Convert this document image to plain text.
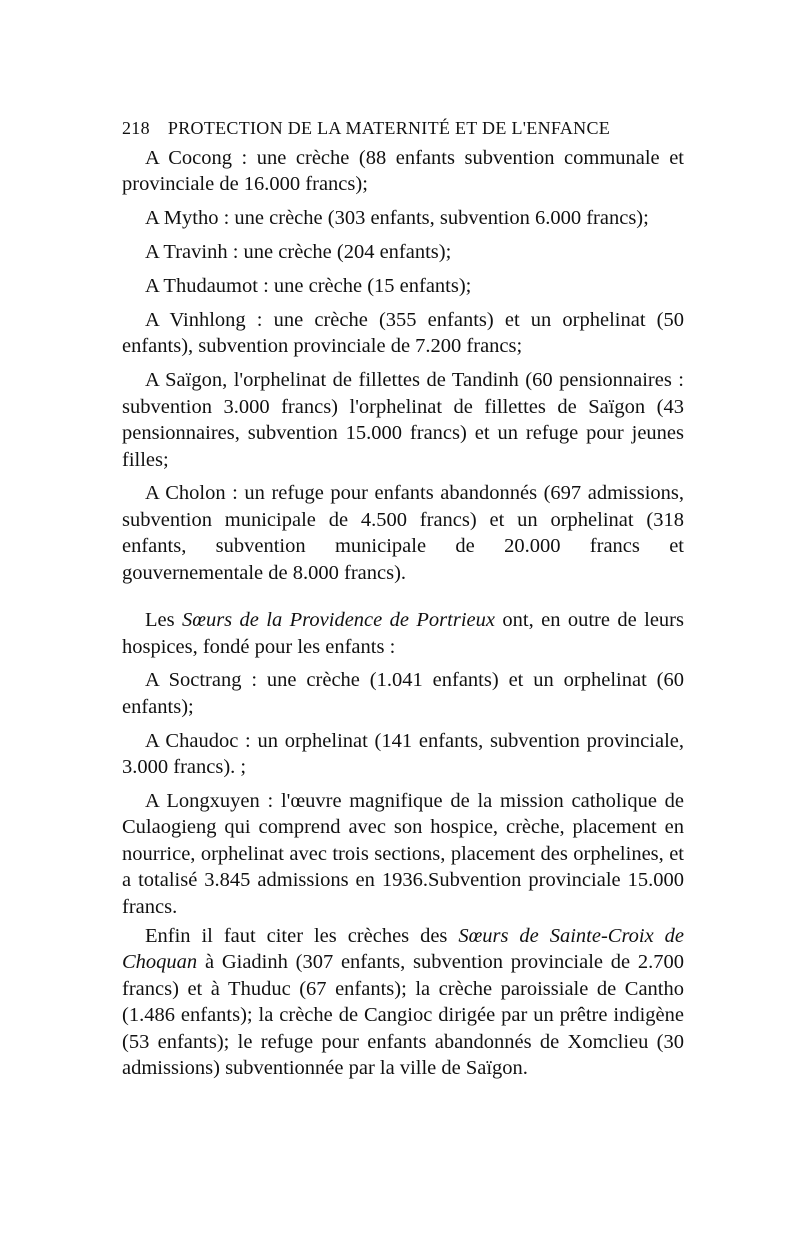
218 PROTECTION DE LA MATERNITÉ ET DE L'ENFANCE

A Cocong : une crèche (88 enfants subvention communale et provinciale de 16.000 francs);

A Mytho : une crèche (303 enfants, subvention 6.000 francs);

A Travinh : une crèche (204 enfants);

A Thudaumot : une crèche (15 enfants);

A Vinhlong : une crèche (355 enfants) et un orphelinat (50 enfants), subvention provinciale de 7.200 francs;

A Saïgon, l'orphelinat de fillettes de Tandinh (60 pensionnaires : subvention 3.000 francs) l'orphelinat de fillettes de Saïgon (43 pensionnaires, subvention 15.000 francs) et un refuge pour jeunes filles;

A Cholon : un refuge pour enfants abandonnés (697 admissions, subvention municipale de 4.500 francs) et un orphelinat (318 enfants, subvention municipale de 20.000 francs et gouvernementale de 8.000 francs).

Les Sœurs de la Providence de Portrieux ont, en outre de leurs hospices, fondé pour les enfants :

A Soctrang : une crèche (1.041 enfants) et un orphelinat (60 enfants);

A Chaudoc : un orphelinat (141 enfants, subvention provinciale, 3.000 francs). ;

A Longxuyen : l'œuvre magnifique de la mission catholique de Culaogieng qui comprend avec son hospice, crèche, placement en nourrice, orphelinat avec trois sections, placement des orphelines, et a totalisé 3.845 admissions en 1936.Subvention provinciale 15.000 francs.

Enfin il faut citer les crèches des Sœurs de Sainte-Croix de Choquan à Giadinh (307 enfants, subvention provinciale de 2.700 francs) et à Thuduc (67 enfants); la crèche paroissiale de Cantho (1.486 enfants); la crèche de Cangioc dirigée par un prêtre indigène (53 enfants); le refuge pour enfants abandonnés de Xomclieu (30 admissions) subventionnée par la ville de Saïgon.
